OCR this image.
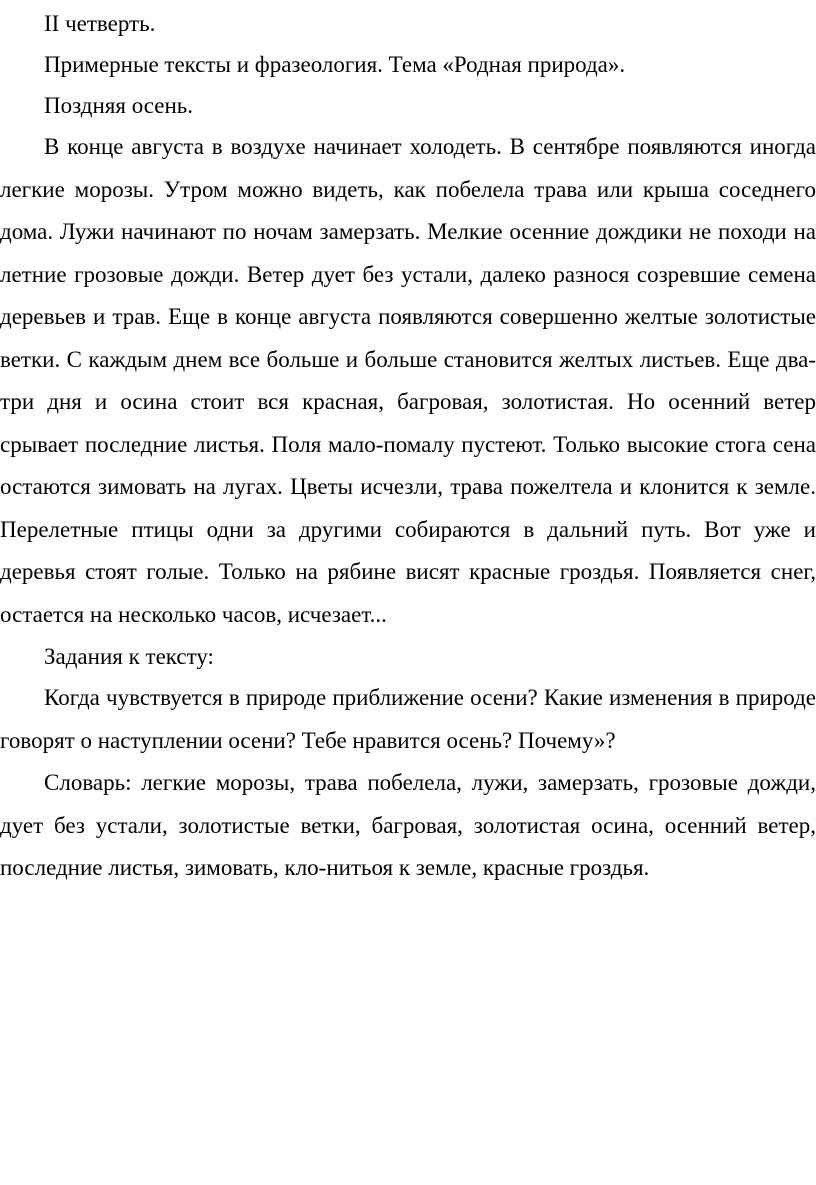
II четверть.

Примерные тексты и фразеология. Тема «Родная природа».

Поздняя осень.

В конце августа в воздухе начинает холодеть. В сентябре появляются иногда легкие морозы. Утром можно видеть, как побелела трава или крыша соседнего дома. Лужи начинают по ночам замерзать. Мелкие осенние дождики не походи на летние грозовые дожди. Ветер дует без устали, далеко разнося созревшие семена деревьев и трав. Еще в конце августа появляются совершенно желтые золотистые ветки. С каждым днем все больше и больше становится желтых листьев. Еще два-три дня и осина стоит вся красная, багровая, золотистая. Но осенний ветер срывает последние листья. Поля мало-помалу пустеют. Только высокие стога сена остаются зимовать на лугах. Цветы исчезли, трава пожелтела и клонится к земле. Перелетные птицы одни за другими собираются в дальний путь. Вот уже и деревья стоят голые. Только на рябине висят красные гроздья. Появляется снег, остается на несколько часов, исчезает...

Задания к тексту:

Когда чувствуется в природе приближение осени? Какие изменения в природе говорят о наступлении осени? Тебе нравится осень? Почему»?

Словарь: легкие морозы, трава побелела, лужи, замерзать, грозовые дожди, дует без устали, золотистые ветки, багровая, золотистая осина, осенний ветер, последние листья, зимовать, кло-нитьоя к земле, красные гроздья.
